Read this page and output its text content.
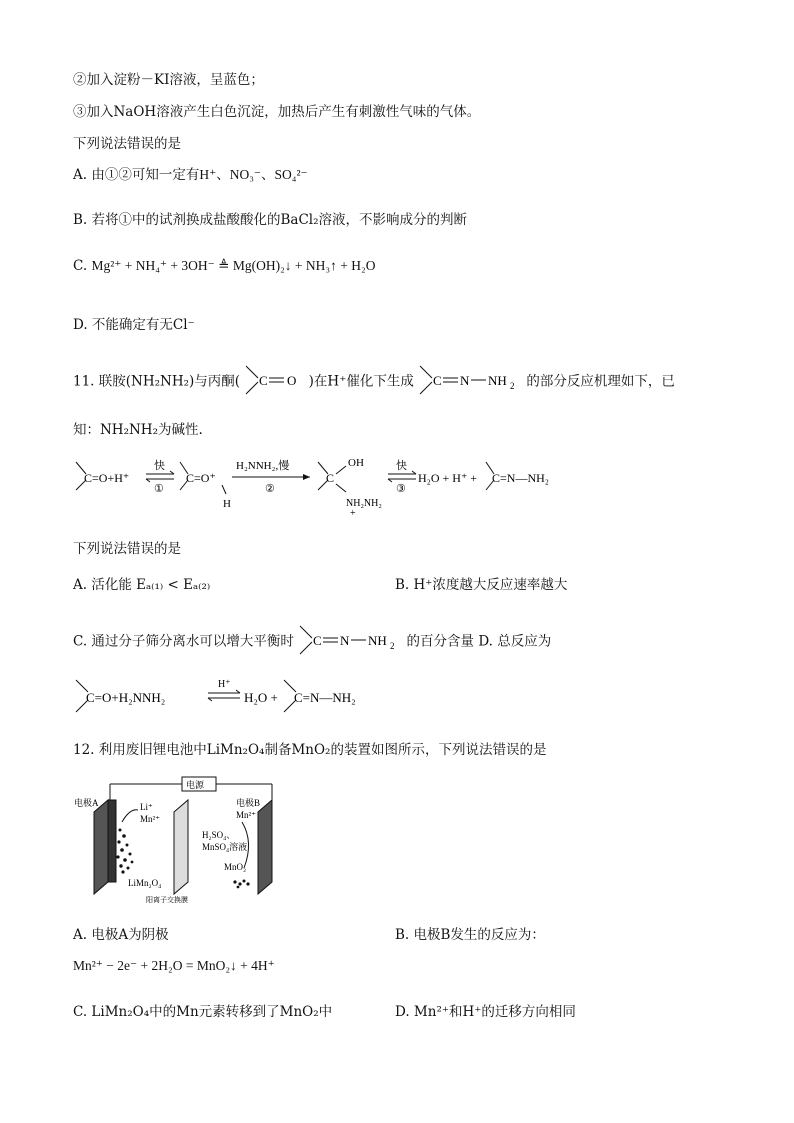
②加入淀粉－KI溶液，呈蓝色；
③加入NaOH溶液产生白色沉淀，加热后产生有刺激性气味的气体。
下列说法错误的是
A. 由①②可知一定有H⁺、NO₃⁻、SO₄²⁻
B. 若将①中的试剂换成盐酸酸化的BaCl₂溶液，不影响成分的判断
C. Mg²⁺ + NH₄⁺ + 3OH⁻ ≜ Mg(OH)₂↓ + NH₃↑ + H₂O
D. 不能确定有无Cl⁻
11. 联胺(NH₂NH₂)与丙酮( C O )在H⁺催化下生成 C N NH 2 的部分反应机理如下，已
知：NH₂NH₂为碱性.
C=O+H⁺
快
①
C=O⁺
H
H₂NNH₂,慢
②
C
OH
NH₂NH₂
+
快
③
H₂O + H⁺ + C=N—NH₂
下列说法错误的是
A. 活化能 Eₐ₍₁₎ < Eₐ₍₂₎	B. H⁺浓度越大反应速率越大
C. 通过分子筛分离水可以增大平衡时 C N NH 2 的百分含量 D. 总反应为
C=O+H₂NNH₂
H⁺
H₂O + C=N—NH₂
12. 利用废旧锂电池中LiMn₂O₄制备MnO₂的装置如图所示，下列说法错误的是
电源
电极A	电极B
Li⁺
Mn²⁺
LiMn₂O₄
Mn²⁺
H₂SO₄、
MnSO₄溶液
MnO₂
阳离子交换膜
A. 电极A为阴极	B. 电极B发生的反应为：
Mn²⁺ − 2e⁻ + 2H₂O = MnO₂↓ + 4H⁺
C. LiMn₂O₄中的Mn元素转移到了MnO₂中	D. Mn²⁺和H⁺的迁移方向相同
